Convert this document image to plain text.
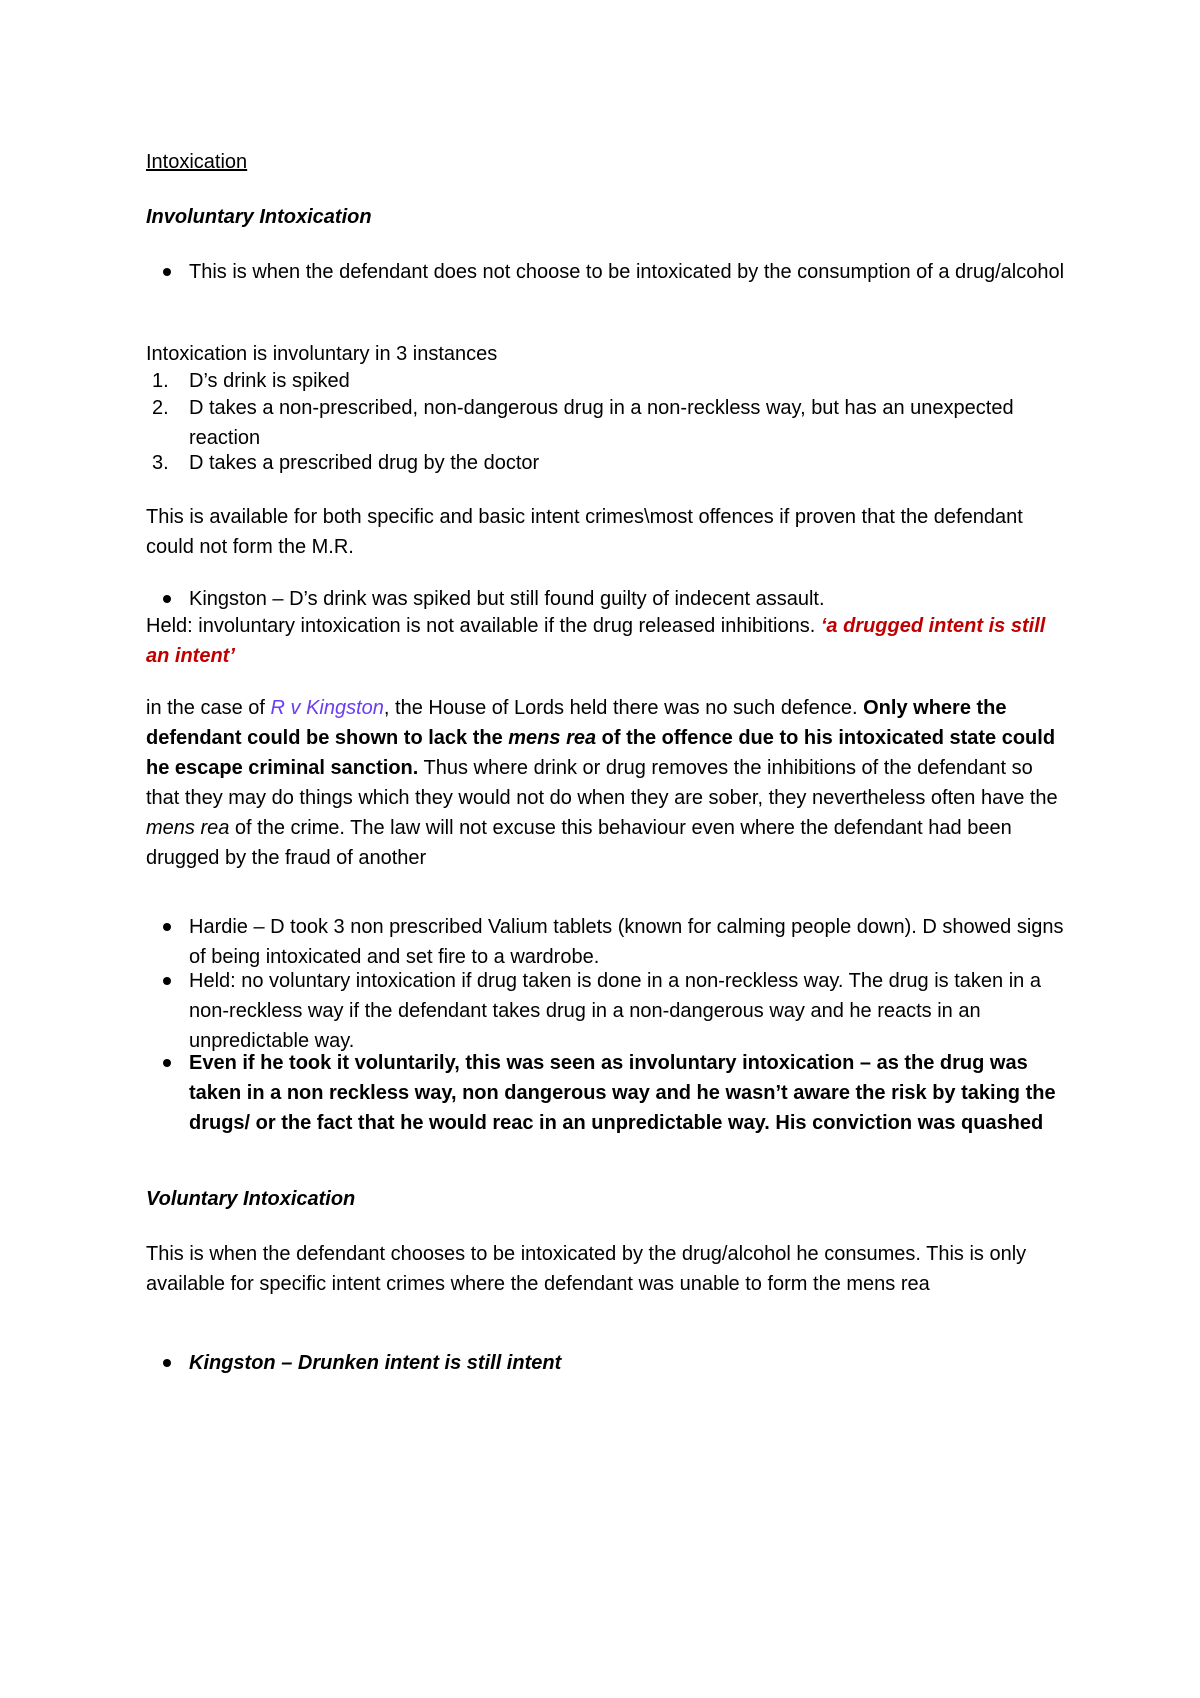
Intoxication
Involuntary Intoxication
This is when the defendant does not choose to be intoxicated by the consumption of a drug/alcohol
Intoxication is involuntary in 3 instances
1.	D’s drink is spiked
2.	D takes a non-prescribed, non-dangerous drug in a non-reckless way, but has an unexpected reaction
3.	D takes a prescribed drug by the doctor
This is available for both specific and basic intent crimes\most offences if proven that the defendant could not form the M.R.
Kingston – D’s drink was spiked but still found guilty of indecent assault.
Held: involuntary intoxication is not available if the drug released inhibitions. ‘a drugged intent is still an intent’
in the case of R v Kingston, the House of Lords held there was no such defence. Only where the defendant could be shown to lack the mens rea of the offence due to his intoxicated state could he escape criminal sanction. Thus where drink or drug removes the inhibitions of the defendant so that they may do things which they would not do when they are sober, they nevertheless often have the mens rea of the crime. The law will not excuse this behaviour even where the defendant had been drugged by the fraud of another
Hardie – D took 3 non prescribed Valium tablets (known for calming people down). D showed signs of being intoxicated and set fire to a wardrobe.
Held: no voluntary intoxication if drug taken is done in a non-reckless way. The drug is taken in a non-reckless way if the defendant takes drug in a non-dangerous way and he reacts in an unpredictable way.
Even if he took it voluntarily, this was seen as involuntary intoxication – as the drug was taken in a non reckless way, non dangerous way and he wasn’t aware the risk by taking the drugs/ or the fact that he would reac in an unpredictable way. His conviction was quashed
Voluntary Intoxication
This is when the defendant chooses to be intoxicated by the drug/alcohol he consumes. This is only available for specific intent crimes where the defendant was unable to form the mens rea
Kingston – Drunken intent is still intent
